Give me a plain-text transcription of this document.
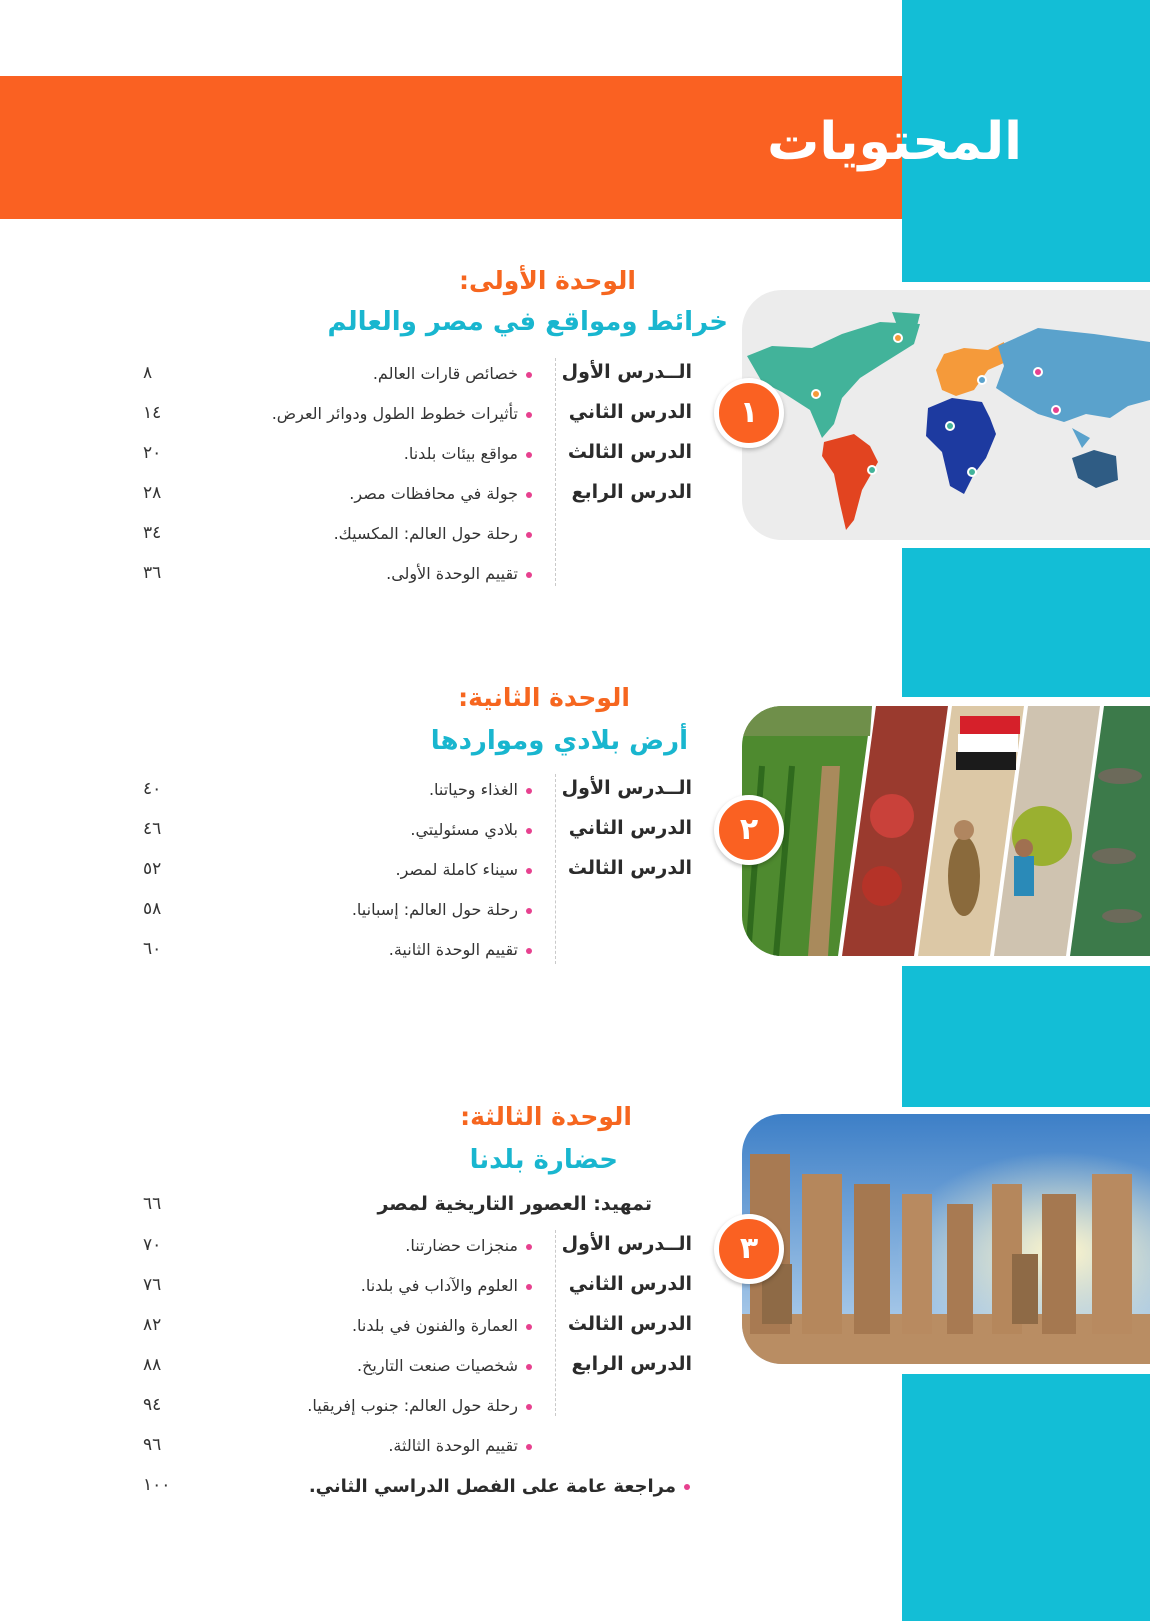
المحتويات
الوحدة الأولى:
خرائط ومواقع في مصر والعالم
١
الــدرس الأول
الدرس الثاني
الدرس الثالث
الدرس الرابع
خصائص قارات العالم.
تأثيرات خطوط الطول ودوائر العرض.
مواقع بيئات بلدنا.
جولة في محافظات مصر.
رحلة حول العالم: المكسيك.
تقييم الوحدة الأولى.
٨
١٤
٢٠
٢٨
٣٤
٣٦
الوحدة الثانية:
أرض بلادي ومواردها
٢
الــدرس الأول
الدرس الثاني
الدرس الثالث
الغذاء وحياتنا.
بلادي مسئوليتي.
سيناء كاملة لمصر.
رحلة حول العالم: إسبانيا.
تقييم الوحدة الثانية.
٤٠
٤٦
٥٢
٥٨
٦٠
الوحدة الثالثة:
حضارة بلدنا
٣
تمهيد: العصور التاريخية لمصر
٦٦
الــدرس الأول
الدرس الثاني
الدرس الثالث
الدرس الرابع
منجزات حضارتنا.
العلوم والآداب في بلدنا.
العمارة والفنون في بلدنا.
شخصيات صنعت التاريخ.
رحلة حول العالم: جنوب إفريقيا.
تقييم الوحدة الثالثة.
٧٠
٧٦
٨٢
٨٨
٩٤
٩٦
مراجعة عامة على الفصل الدراسي الثاني.
١٠٠
